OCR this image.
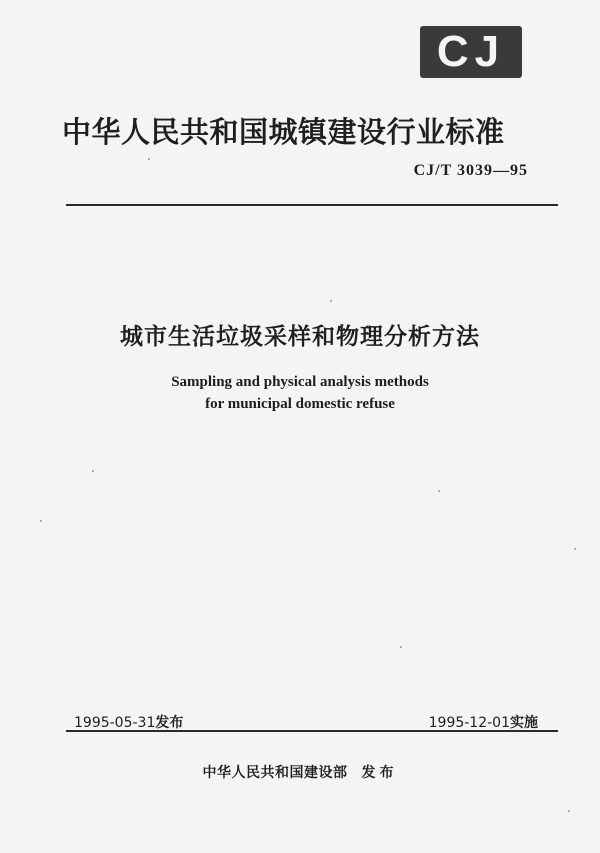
CJ
中华人民共和国城镇建设行业标准
CJ/T 3039—95
城市生活垃圾采样和物理分析方法
Sampling and physical analysis methods
for municipal domestic refuse
1995-05-31发布	1995-12-01实施
中华人民共和国建设部 发布
